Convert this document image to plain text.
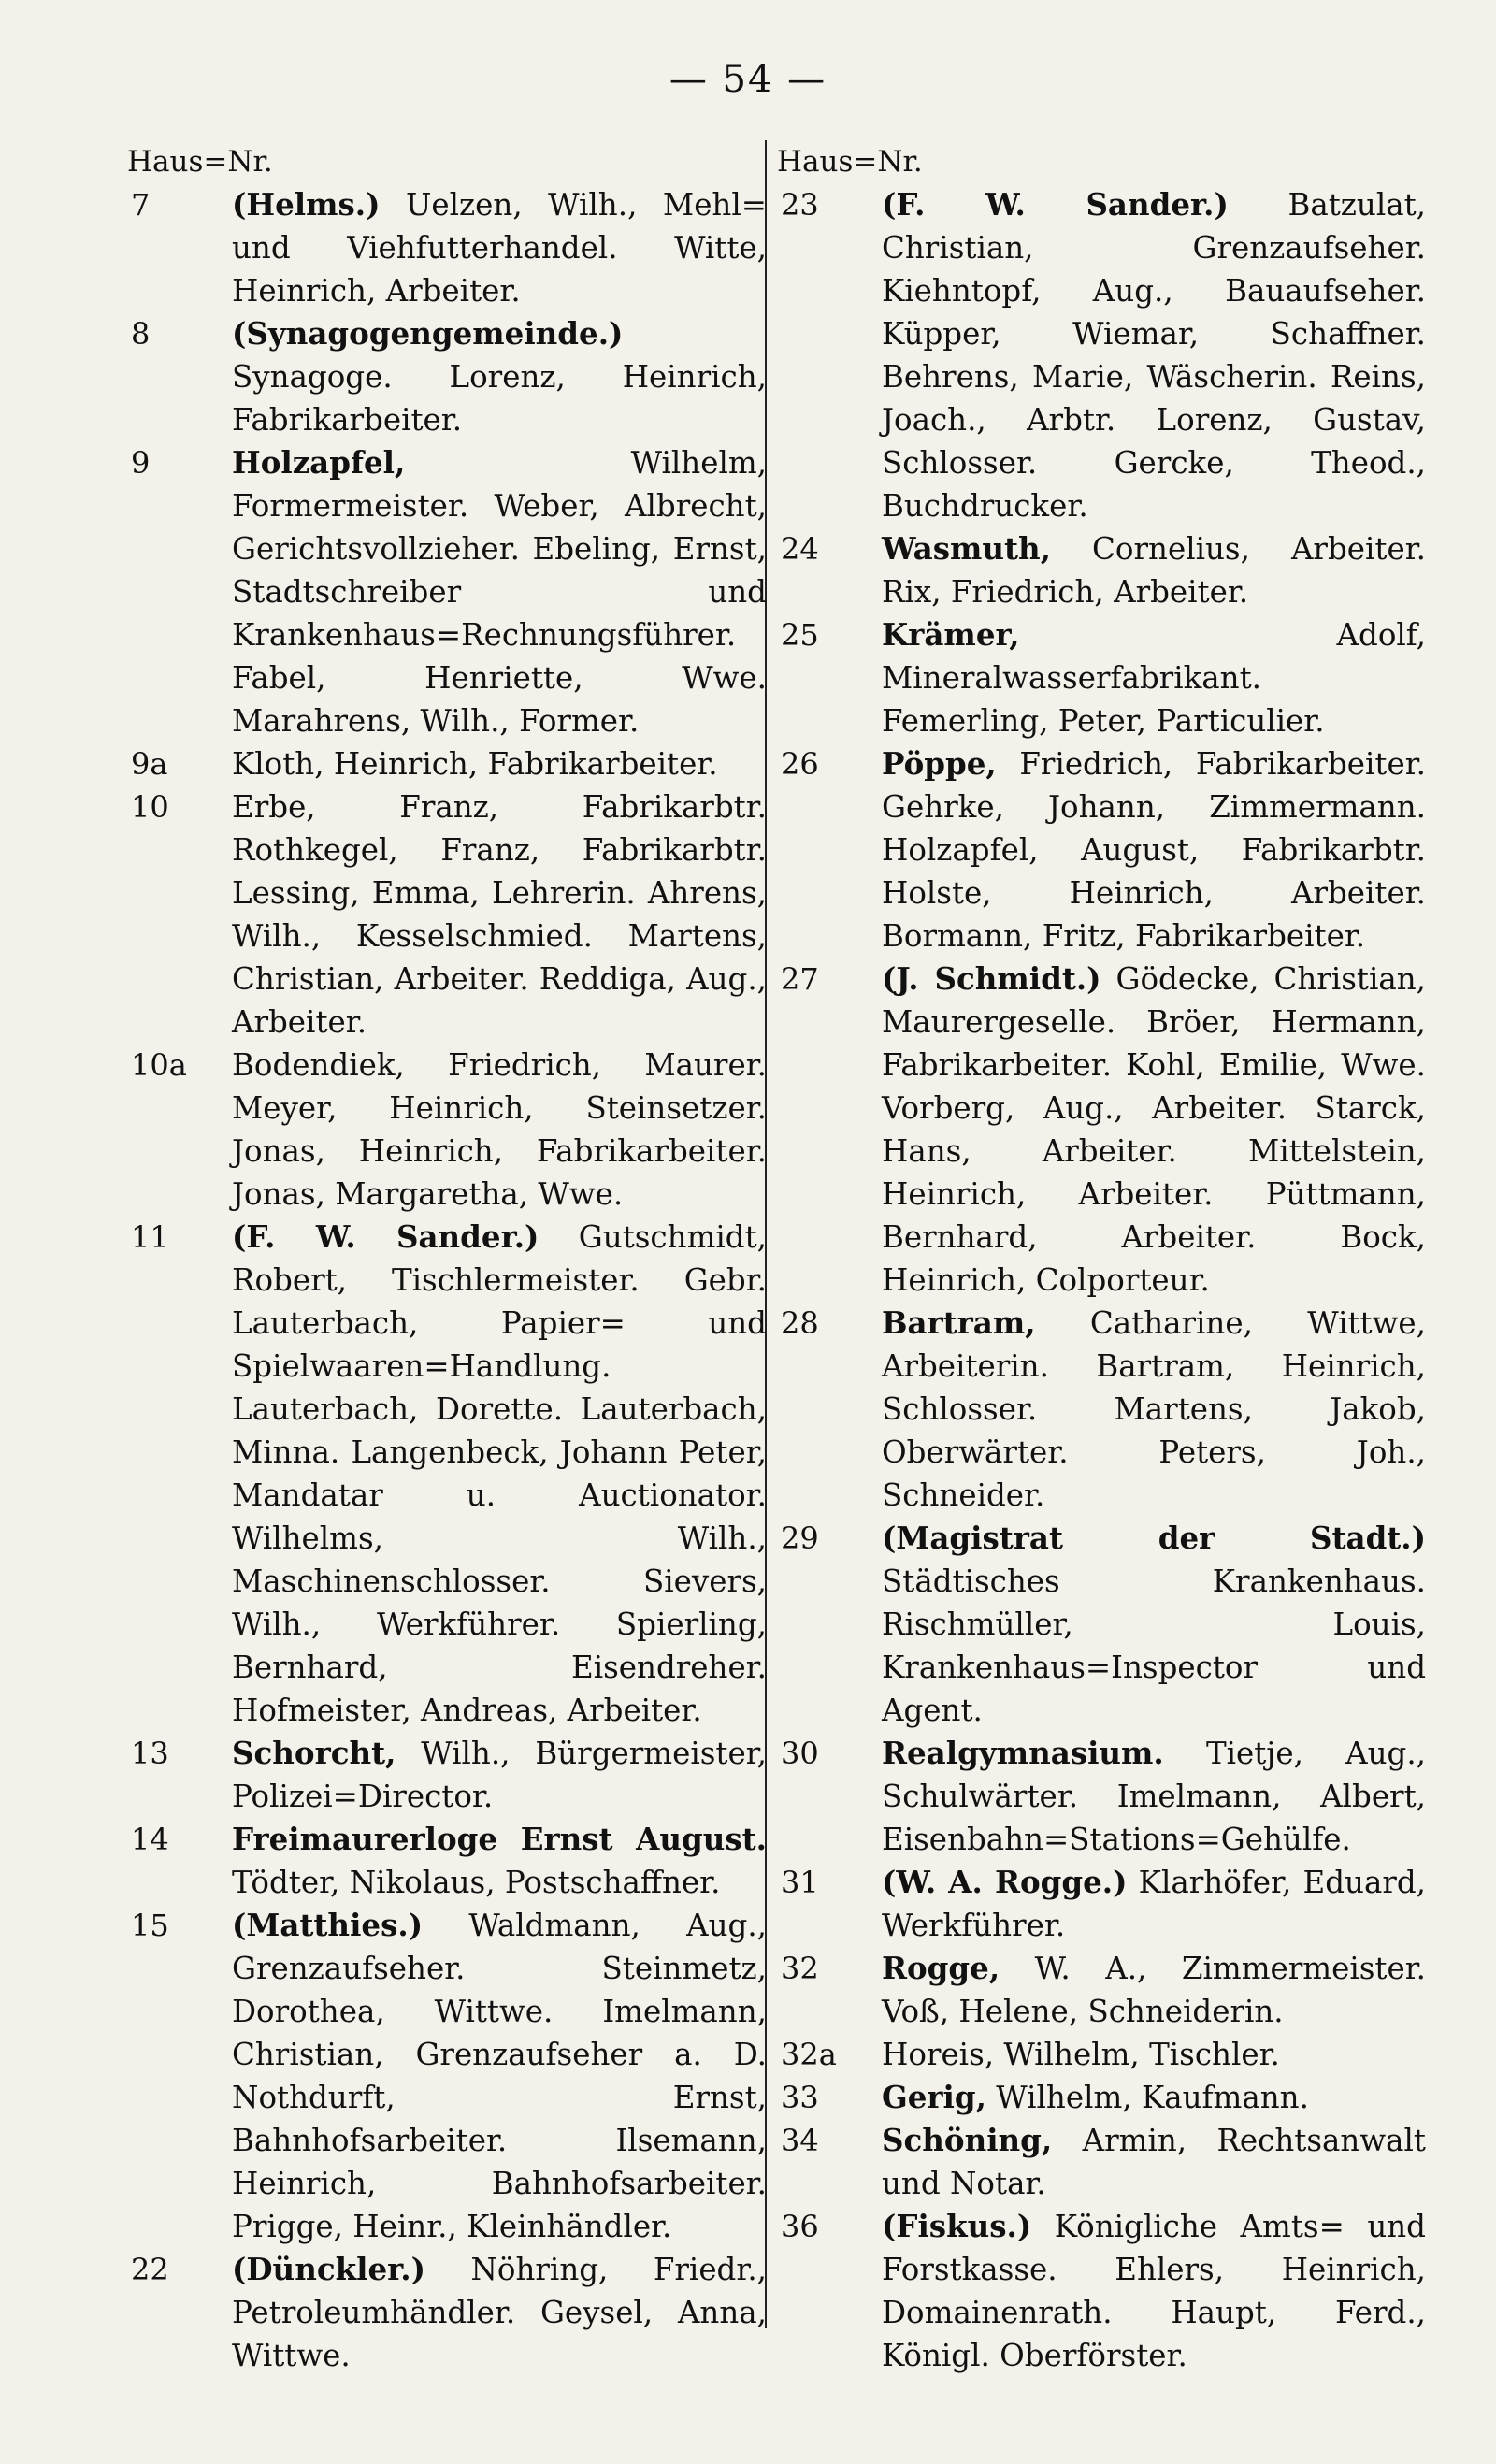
— 54 —
Haus=Nr.
7	(Helms.) Uelzen, Wilh., Mehl= und Viehfutterhandel. Witte, Heinrich, Arbeiter.
8	(Synagogengemeinde.) Synagoge. Lorenz, Heinrich, Fabrikarbeiter.
9	Holzapfel, Wilhelm, Formermeister. Weber, Albrecht, Gerichtsvollzieher. Ebeling, Ernst, Stadtschreiber und Krankenhaus=Rechnungsführer. Fabel, Henriette, Wwe. Marahrens, Wilh., Former.
9a	Kloth, Heinrich, Fabrikarbeiter.
10	Erbe, Franz, Fabrikarbtr. Rothkegel, Franz, Fabrikarbtr. Lessing, Emma, Lehrerin. Ahrens, Wilh., Kesselschmied. Martens, Christian, Arbeiter. Reddiga, Aug., Arbeiter.
10a	Bodendiek, Friedrich, Maurer. Meyer, Heinrich, Steinsetzer. Jonas, Heinrich, Fabrikarbeiter. Jonas, Margaretha, Wwe.
11	(F. W. Sander.) Gutschmidt, Robert, Tischlermeister. Gebr. Lauterbach, Papier= und Spielwaaren=Handlung. Lauterbach, Dorette. Lauterbach, Minna. Langenbeck, Johann Peter, Mandatar u. Auctionator. Wilhelms, Wilh., Maschinenschlosser. Sievers, Wilh., Werkführer. Spierling, Bernhard, Eisendreher. Hofmeister, Andreas, Arbeiter.
13	Schorcht, Wilh., Bürgermeister, Polizei=Director.
14	Freimaurerloge Ernst August. Tödter, Nikolaus, Postschaffner.
15	(Matthies.) Waldmann, Aug., Grenzaufseher. Steinmetz, Dorothea, Wittwe. Imelmann, Christian, Grenzaufseher a. D. Nothdurft, Ernst, Bahnhofsarbeiter. Ilsemann, Heinrich, Bahnhofsarbeiter. Prigge, Heinr., Kleinhändler.
22	(Dünckler.) Nöhring, Friedr., Petroleumhändler. Geysel, Anna, Wittwe.
Haus=Nr.
23	(F. W. Sander.) Batzulat, Christian, Grenzaufseher. Kiehntopf, Aug., Bauaufseher. Küpper, Wiemar, Schaffner. Behrens, Marie, Wäscherin. Reins, Joach., Arbtr. Lorenz, Gustav, Schlosser. Gercke, Theod., Buchdrucker.
24	Wasmuth, Cornelius, Arbeiter. Rix, Friedrich, Arbeiter.
25	Krämer, Adolf, Mineralwasserfabrikant. Femerling, Peter, Particulier.
26	Pöppe, Friedrich, Fabrikarbeiter. Gehrke, Johann, Zimmermann. Holzapfel, August, Fabrikarbtr. Holste, Heinrich, Arbeiter. Bormann, Fritz, Fabrikarbeiter.
27	(J. Schmidt.) Gödecke, Christian, Maurergeselle. Bröer, Hermann, Fabrikarbeiter. Kohl, Emilie, Wwe. Vorberg, Aug., Arbeiter. Starck, Hans, Arbeiter. Mittelstein, Heinrich, Arbeiter. Püttmann, Bernhard, Arbeiter. Bock, Heinrich, Colporteur.
28	Bartram, Catharine, Wittwe, Arbeiterin. Bartram, Heinrich, Schlosser. Martens, Jakob, Oberwärter. Peters, Joh., Schneider.
29	(Magistrat der Stadt.) Städtisches Krankenhaus. Rischmüller, Louis, Krankenhaus=Inspector und Agent.
30	Realgymnasium. Tietje, Aug., Schulwärter. Imelmann, Albert, Eisenbahn=Stations=Gehülfe.
31	(W. A. Rogge.) Klarhöfer, Eduard, Werkführer.
32	Rogge, W. A., Zimmermeister. Voß, Helene, Schneiderin.
32a	Horeis, Wilhelm, Tischler.
33	Gerig, Wilhelm, Kaufmann.
34	Schöning, Armin, Rechtsanwalt und Notar.
36	(Fiskus.) Königliche Amts= und Forstkasse. Ehlers, Heinrich, Domainenrath. Haupt, Ferd., Königl. Oberförster.
